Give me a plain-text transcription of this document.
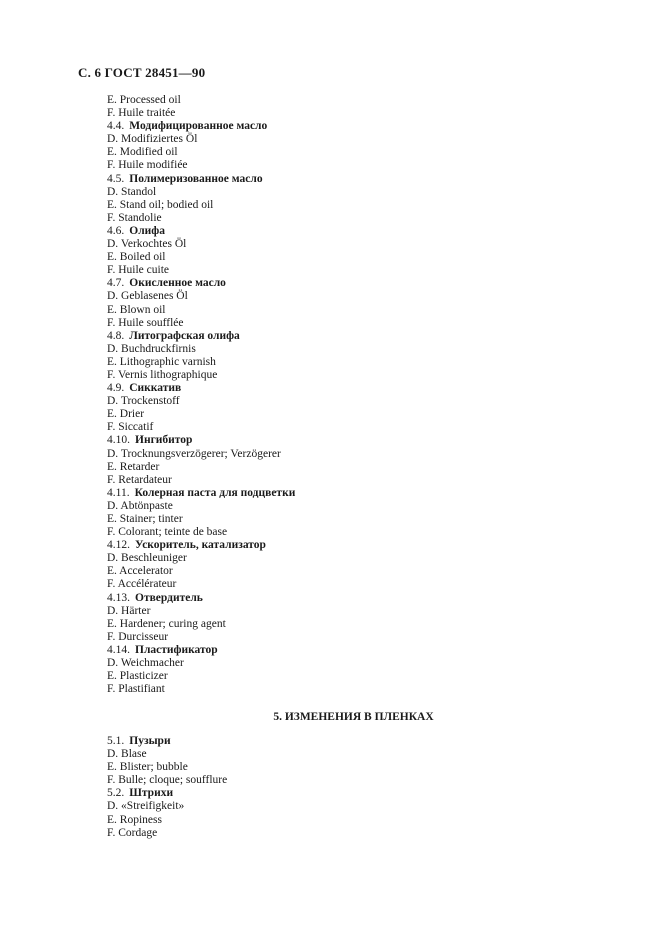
С. 6 ГОСТ 28451—90
E. Processed oil
F. Huile traitée
4.4. Модифицированное масло
D. Modifiziertes Öl
E. Modified oil
F. Huile modifiée
4.5. Полимеризованное масло
D. Standol
E. Stand oil; bodied oil
F. Standolie
4.6. Олифа
D. Verkochtes Öl
E. Boiled oil
F. Huile cuite
4.7. Окисленное масло
D. Geblasenes Öl
E. Blown oil
F. Huile soufflée
4.8. Литографская олифа
D. Buchdruckfirnis
E. Lithographic varnish
F. Vernis lithographique
4.9. Сиккатив
D. Trockenstoff
E. Drier
F. Siccatif
4.10. Ингибитор
D. Trocknungsverzögerer; Verzögerer
E. Retarder
F. Retardateur
4.11. Колерная паста для подцветки
D. Abtönpaste
E. Stainer; tinter
F. Colorant; teinte de base
4.12. Ускоритель, катализатор
D. Beschleuniger
E. Accelerator
F. Accélérateur
4.13. Отвердитель
D. Härter
E. Hardener; curing agent
F. Durcisseur
4.14. Пластификатор
D. Weichmacher
E. Plasticizer
F. Plastifiant
5. ИЗМЕНЕНИЯ В ПЛЕНКАХ
5.1. Пузыри
D. Blase
E. Blister; bubble
F. Bulle; cloque; soufflure
5.2. Штрихи
D. «Streifigkeit»
E. Ropiness
F. Cordage
